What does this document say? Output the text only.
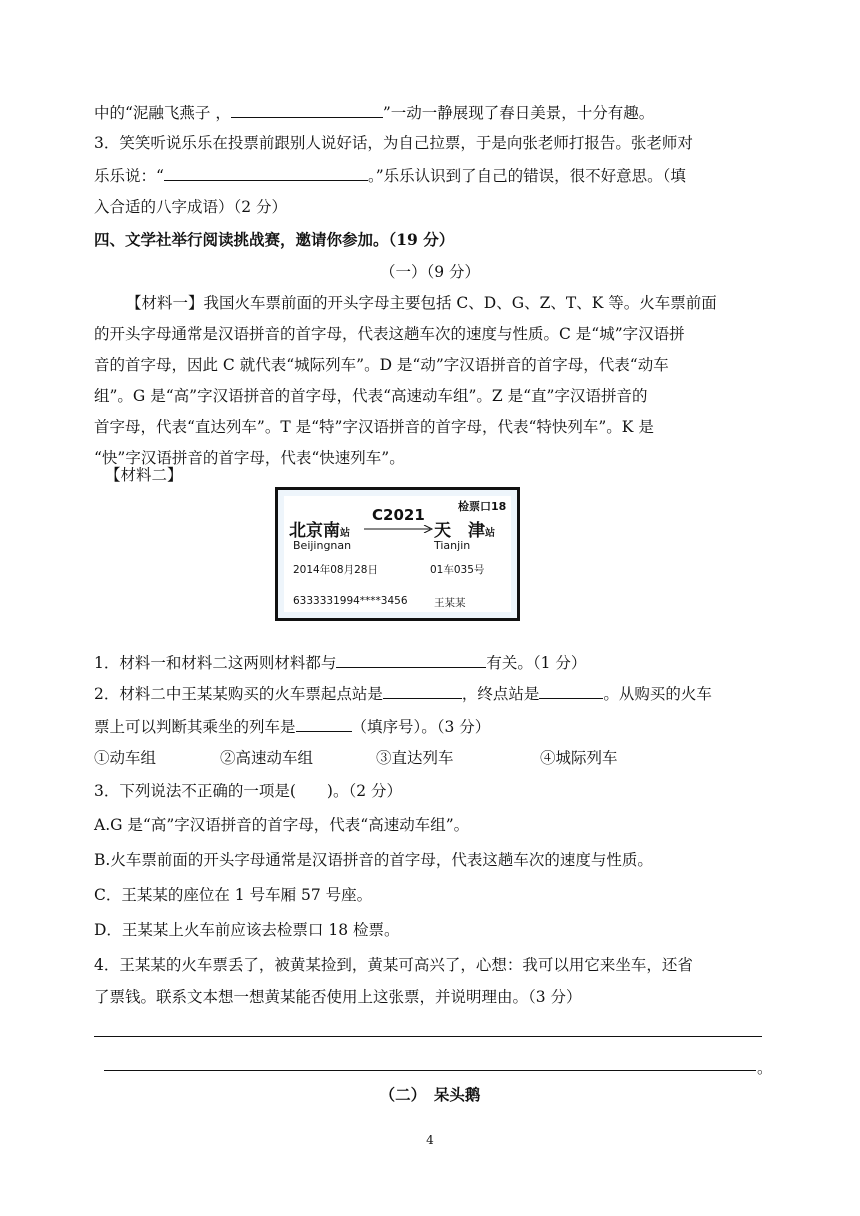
中的“泥融飞燕子 ，	”一动一静展现了春日美景，十分有趣。
3．笑笑听说乐乐在投票前跟别人说好话，为自己拉票，于是向张老师打报告。张老师对
乐乐说：“	。”乐乐认识到了自己的错误，很不好意思。（填
入合适的八字成语）（2 分）
四、文学社举行阅读挑战赛，邀请你参加。（19 分）
（一）（9 分）
【材料一】我国火车票前面的开头字母主要包括 C、D、G、Z、T、K 等。火车票前面
的开头字母通常是汉语拼音的首字母，代表这趟车次的速度与性质。C 是“城”字汉语拼
音的首字母，因此 C 就代表“城际列车”。D 是“动”字汉语拼音的首字母，代表“动车
组”。G 是“高”字汉语拼音的首字母，代表“高速动车组”。Z 是“直”字汉语拼音的
首字母，代表“直达列车”。T 是“特”字汉语拼音的首字母，代表“特快列车”。K 是
“快”字汉语拼音的首字母，代表“快速列车”。
【材料二】
检票口18
北京南站
C2021
天　津站
Beijingnan	Tianjin
2014年08月28日	01车035号
6333331994****3456	王某某
1．材料一和材料二这两则材料都与	有关。（1 分）
2．材料二中王某某购买的火车票起点站是	，终点站是	。从购买的火车
票上可以判断其乘坐的列车是	（填序号）。（3 分）
①动车组	②高速动车组	③直达列车	④城际列车
3．下列说法不正确的一项是(　　)。（2 分）
A.G 是“高”字汉语拼音的首字母，代表“高速动车组”。
B.火车票前面的开头字母通常是汉语拼音的首字母，代表这趟车次的速度与性质。
C．王某某的座位在 1 号车厢 57 号座。
D．王某某上火车前应该去检票口 18 检票。
4．王某某的火车票丢了，被黄某捡到，黄某可高兴了，心想：我可以用它来坐车，还省
了票钱。联系文本想一想黄某能否使用上这张票，并说明理由。（3 分）
。
（二）　呆头鹅
4
